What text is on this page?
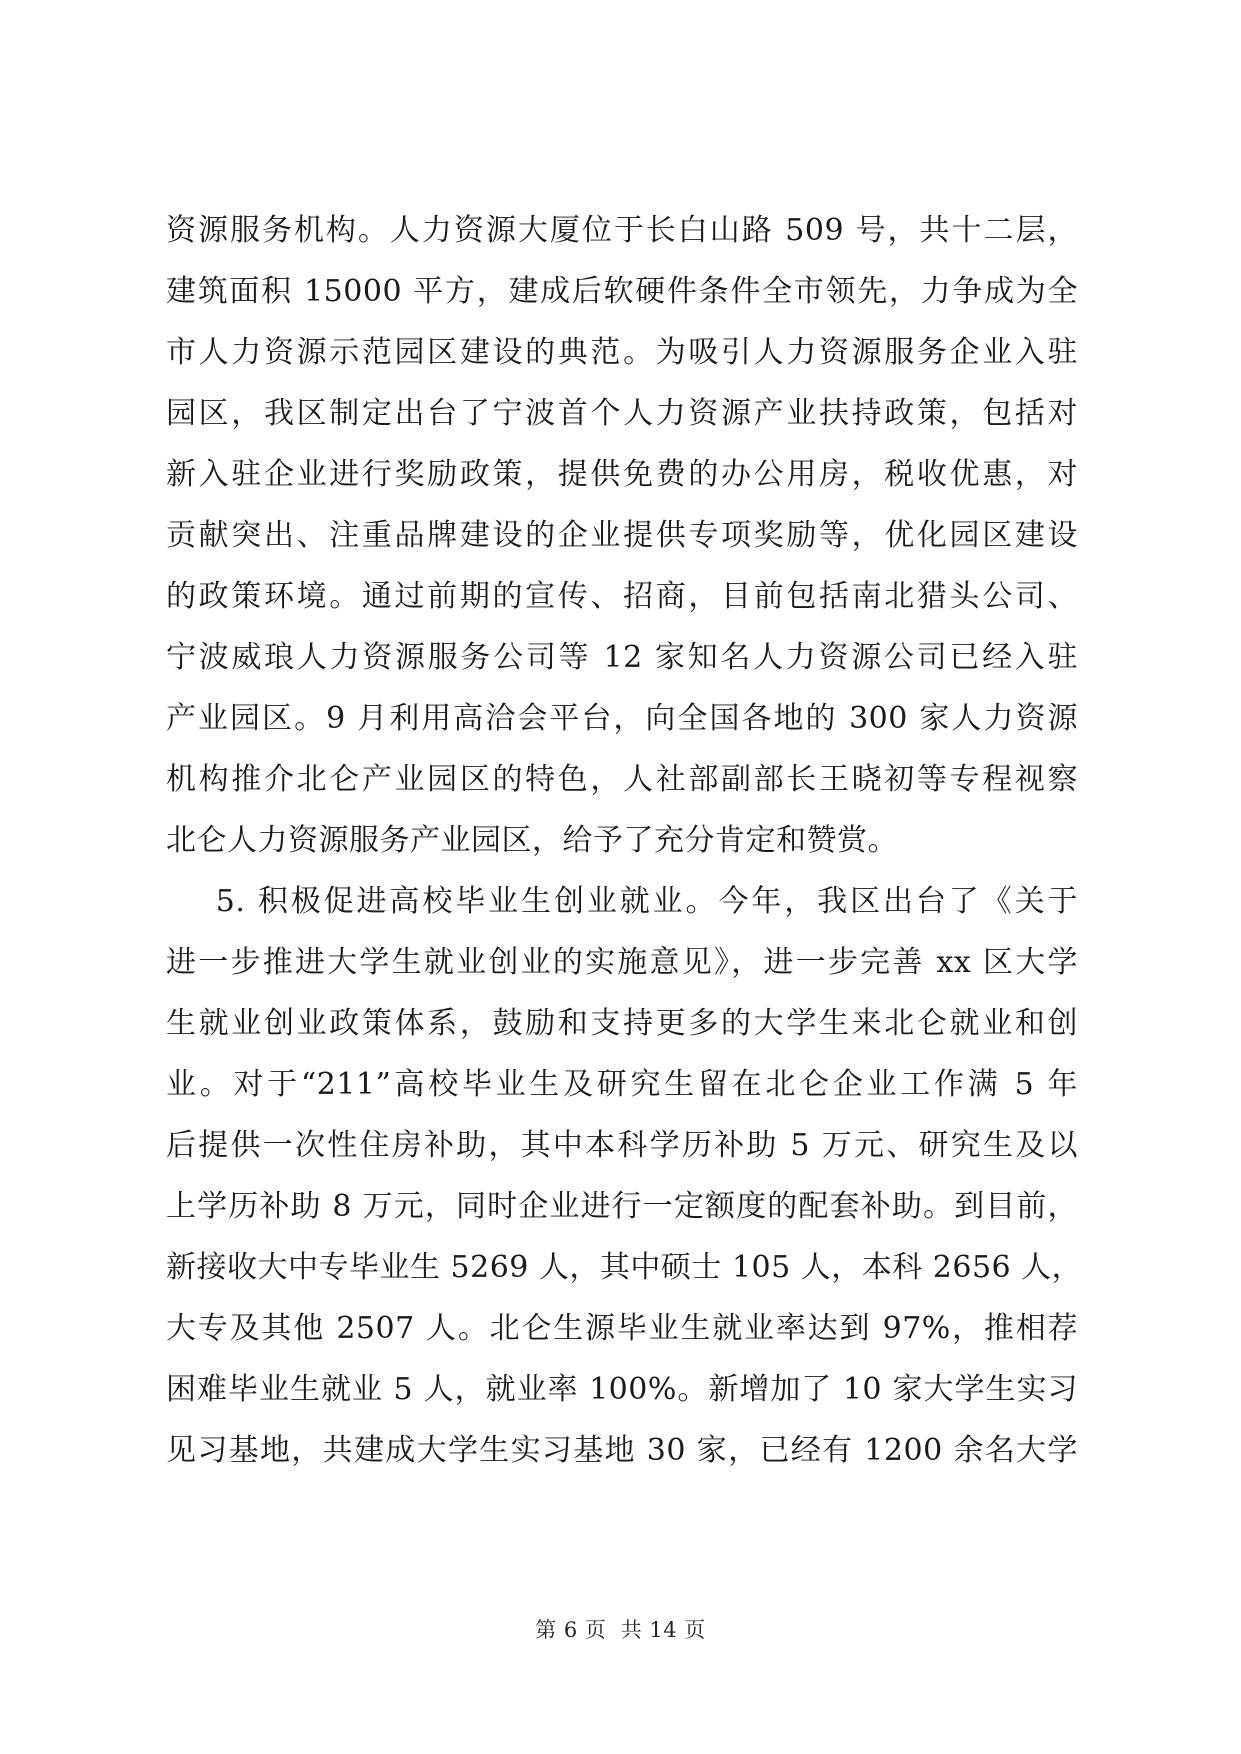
资源服务机构。人力资源大厦位于长白山路 509 号，共十二层，
建筑面积 15000 平方，建成后软硬件条件全市领先，力争成为全
市人力资源示范园区建设的典范。为吸引人力资源服务企业入驻
园区，我区制定出台了宁波首个人力资源产业扶持政策，包括对
新入驻企业进行奖励政策，提供免费的办公用房，税收优惠，对
贡献突出、注重品牌建设的企业提供专项奖励等，优化园区建设
的政策环境。通过前期的宣传、招商，目前包括南北猎头公司、
宁波威琅人力资源服务公司等 12 家知名人力资源公司已经入驻
产业园区。9 月利用高洽会平台，向全国各地的 300 家人力资源
机构推介北仑产业园区的特色，人社部副部长王晓初等专程视察
北仑人力资源服务产业园区，给予了充分肯定和赞赏。
5. 积极促进高校毕业生创业就业。今年，我区出台了《关于
进一步推进大学生就业创业的实施意见》，进一步完善 xx 区大学
生就业创业政策体系，鼓励和支持更多的大学生来北仑就业和创
业。对于“211”高校毕业生及研究生留在北仑企业工作满 5 年
后提供一次性住房补助，其中本科学历补助 5 万元、研究生及以
上学历补助 8 万元，同时企业进行一定额度的配套补助。到目前，
新接收大中专毕业生 5269 人，其中硕士 105 人，本科 2656 人，
大专及其他 2507 人。北仑生源毕业生就业率达到 97%，推相荐
困难毕业生就业 5 人，就业率 100%。新增加了 10 家大学生实习
见习基地，共建成大学生实习基地 30 家，已经有 1200 余名大学
第 6 页  共 14 页
